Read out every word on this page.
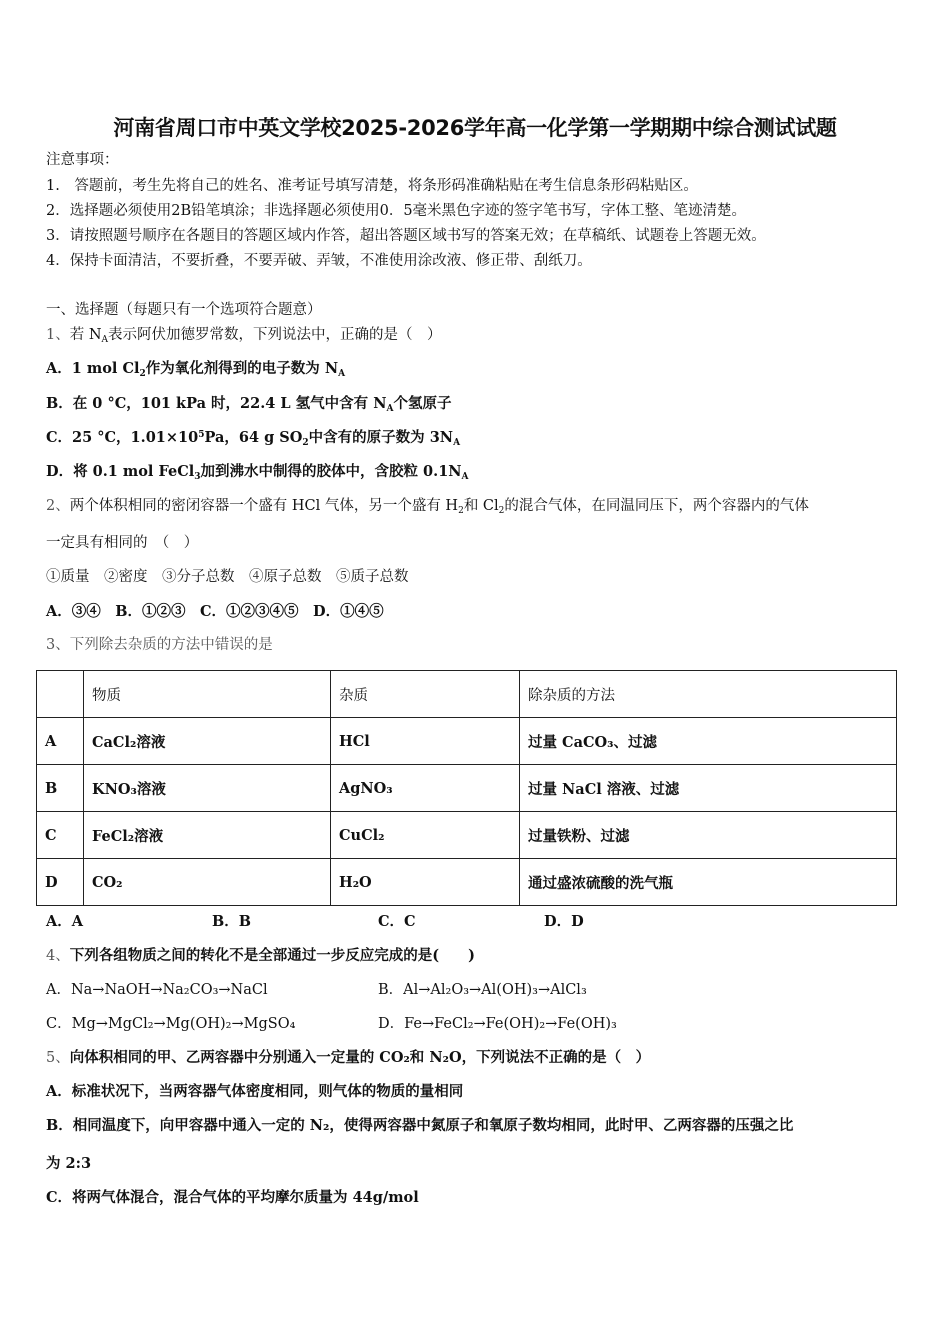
河南省周口市中英文学校2025-2026学年高一化学第一学期期中综合测试试题
注意事项：
1.　答题前，考生先将自己的姓名、准考证号填写清楚，将条形码准确粘贴在考生信息条形码粘贴区。
2．选择题必须使用2B铅笔填涂；非选择题必须使用0．5毫米黑色字迹的签字笔书写，字体工整、笔迹清楚。
3．请按照题号顺序在各题目的答题区域内作答，超出答题区域书写的答案无效；在草稿纸、试题卷上答题无效。
4．保持卡面清洁，不要折叠，不要弄破、弄皱，不准使用涂改液、修正带、刮纸刀。
一、选择题（每题只有一个选项符合题意）
1、若 $N_A$表示阿伏加德罗常数，下列说法中，正确的是（　）
A．1 mol $Cl_2$作为氧化剂得到的电子数为 $N_A$
B．在 0 °C，101 kPa 时，22.4 L 氢气中含有 $N_A$个氢原子
C．25 °C，$1.01\times 10^5Pa$，64 g $SO_2$中含有的原子数为 $3N_A$
D．将 0.1 mol FeCl$_3$加到沸水中制得的胶体中，含胶粒 $0.1N_A$
2、两个体积相同的密闭容器一个盛有 HCl 气体，另一个盛有 $H_2$和 $Cl_2$的混合气体，在同温同压下，两个容器内的气体
一定具有相同的　（　）
①质量　②密度　③分子总数　④原子总数　⑤质子总数
A．③④　B．①②③　C．①②③④⑤　D．①④⑤
3、下列除去杂质的方法中错误的是
	物质	杂质	除杂质的方法
A	CaCl₂溶液	HCl	过量 CaCO₃、过滤
B	KNO₃溶液	AgNO₃	过量 NaCl 溶液、过滤
C	FeCl₂溶液	CuCl₂	过量铁粉、过滤
D	CO₂	H₂O	通过盛浓硫酸的洗气瓶
A．A	B．B	C．C	D．D
4、下列各组物质之间的转化不是全部通过一步反应完成的是(　　)
A．Na→NaOH→Na₂CO₃→NaCl	B．Al→Al₂O₃→Al(OH)₃→AlCl₃
C．Mg→MgCl₂→Mg(OH)₂→MgSO₄	D．Fe→FeCl₂→Fe(OH)₂→Fe(OH)₃
5、向体积相同的甲、乙两容器中分别通入一定量的 CO₂和 N₂O，下列说法不正确的是（　）
A．标准状况下，当两容器气体密度相同，则气体的物质的量相同
B．相同温度下，向甲容器中通入一定的 N₂，使得两容器中氮原子和氧原子数均相同，此时甲、乙两容器的压强之比
为 2:3
C．将两气体混合，混合气体的平均摩尔质量为 44g/mol
